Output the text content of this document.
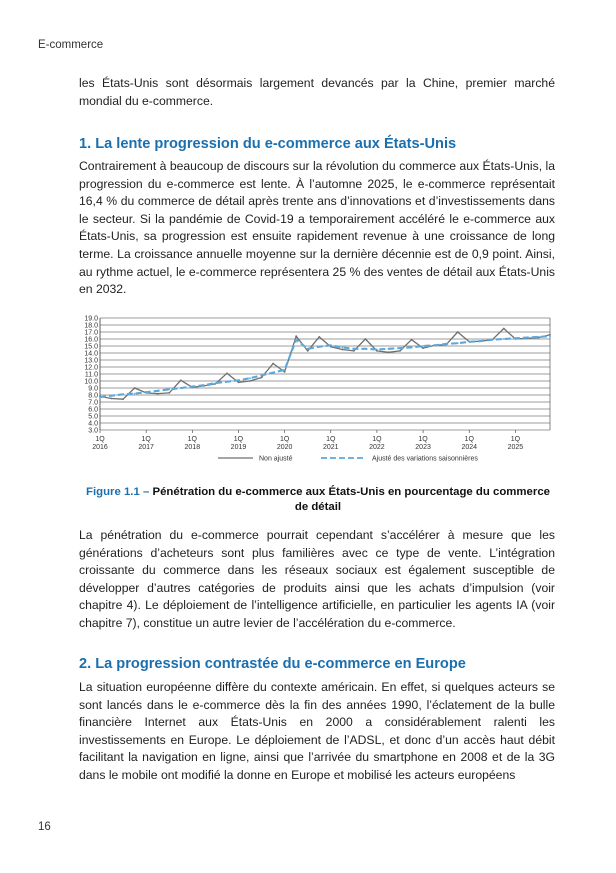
E-commerce

les États-Unis sont désormais largement devancés par la Chine, premier marché mondial du e-commerce.

1. La lente progression du e-commerce aux États-Unis

Contrairement à beaucoup de discours sur la révolution du commerce aux États-Unis, la progression du e-commerce est lente. À l’automne 2025, le e-commerce représentait 16,4 % du commerce de détail après trente ans d’innovations et d’investissements dans le secteur. Si la pandémie de Covid-19 a temporairement accéléré le e-commerce aux États-Unis, sa progression est ensuite rapidement revenue à une croissance de long terme. La croissance annuelle moyenne sur la dernière décennie est de 0,9 point. Ainsi, au rythme actuel, le e-commerce représentera 25 % des ventes de détail aux États-Unis en 2032.

3.0
4.0
5.0
6.0
7.0
8.0
9.0
10.0
11.0
12.0
13.0
14.0
15.0
16.0
17.0
18.0
19.0
1Q
2016
1Q
2017
1Q
2018
1Q
2019
1Q
2020
1Q
2021
1Q
2022
1Q
2023
1Q
2024
1Q
2025
Non ajusté	Ajusté des variations saisonnières
Figure 1.1 – Pénétration du e-commerce aux États-Unis en pourcentage du commerce de détail

La pénétration du e-commerce pourrait cependant s’accélérer à mesure que les générations d’acheteurs sont plus familières avec ce type de vente. L’intégration croissante du commerce dans les réseaux sociaux est également susceptible de développer d’autres catégories de produits ainsi que les achats d’impulsion (voir chapitre 4). Le déploiement de l’intelligence artificielle, en particulier les agents IA (voir chapitre 7), constitue un autre levier de l’accélération du e-commerce.

2. La progression contrastée du e-commerce en Europe

La situation européenne diffère du contexte américain. En effet, si quelques acteurs se sont lancés dans le e-commerce dès la fin des années 1990, l’éclatement de la bulle financière Internet aux États-Unis en 2000 a considérablement ralenti les investissements en Europe. Le déploiement de l’ADSL, et donc d’un accès haut débit facilitant la navigation en ligne, ainsi que l’arrivée du smartphone en 2008 et de la 3G dans le mobile ont modifié la donne en Europe et mobilisé les acteurs européens

16
